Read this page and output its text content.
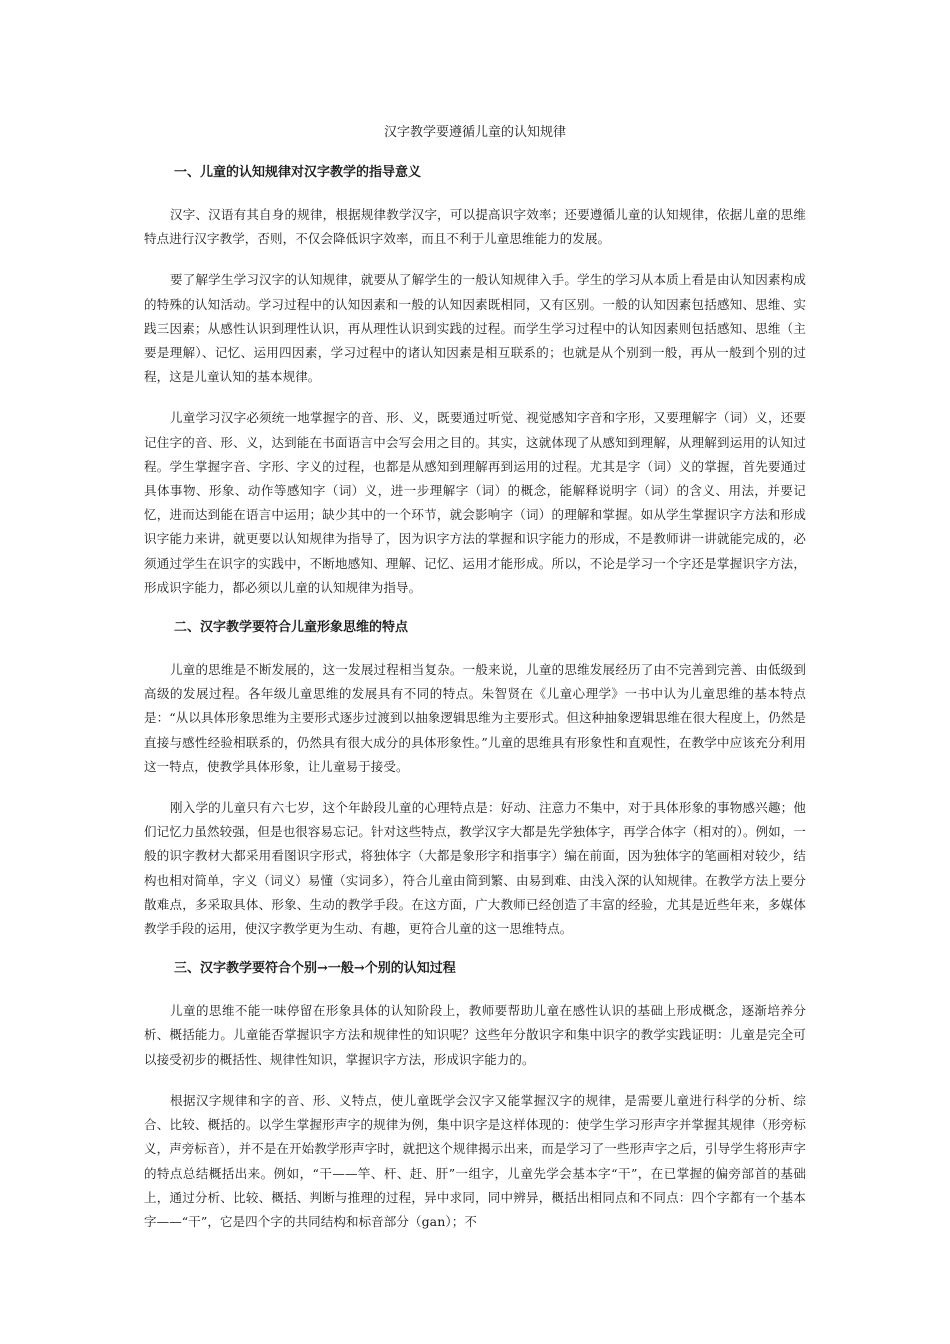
汉字教学要遵循儿童的认知规律
一、儿童的认知规律对汉字教学的指导意义

汉字、汉语有其自身的规律，根据规律教学汉字，可以提高识字效率；还要遵循儿童的认知规律，依据儿童的思维特点进行汉字教学，否则，不仅会降低识字效率，而且不利于儿童思维能力的发展。

要了解学生学习汉字的认知规律，就要从了解学生的一般认知规律入手。学生的学习从本质上看是由认知因素构成的特殊的认知活动。学习过程中的认知因素和一般的认知因素既相同，又有区别。一般的认知因素包括感知、思维、实践三因素；从感性认识到理性认识，再从理性认识到实践的过程。而学生学习过程中的认知因素则包括感知、思维（主要是理解）、记忆、运用四因素，学习过程中的诸认知因素是相互联系的；也就是从个别到一般，再从一般到个别的过程，这是儿童认知的基本规律。

儿童学习汉字必须统一地掌握字的音、形、义，既要通过听觉、视觉感知字音和字形，又要理解字（词）义，还要记住字的音、形、义，达到能在书面语言中会写会用之目的。其实，这就体现了从感知到理解，从理解到运用的认知过程。学生掌握字音、字形、字义的过程，也都是从感知到理解再到运用的过程。尤其是字（词）义的掌握，首先要通过具体事物、形象、动作等感知字（词）义，进一步理解字（词）的概念，能解释说明字（词）的含义、用法，并要记忆，进而达到能在语言中运用；缺少其中的一个环节，就会影响字（词）的理解和掌握。如从学生掌握识字方法和形成识字能力来讲，就更要以认知规律为指导了，因为识字方法的掌握和识字能力的形成，不是教师讲一讲就能完成的，必须通过学生在识字的实践中，不断地感知、理解、记忆、运用才能形成。所以，不论是学习一个字还是掌握识字方法，形成识字能力，都必须以儿童的认知规律为指导。

二、汉字教学要符合儿童形象思维的特点

儿童的思维是不断发展的，这一发展过程相当复杂。一般来说，儿童的思维发展经历了由不完善到完善、由低级到高级的发展过程。各年级儿童思维的发展具有不同的特点。朱智贤在《儿童心理学》一书中认为儿童思维的基本特点是：“从以具体形象思维为主要形式逐步过渡到以抽象逻辑思维为主要形式。但这种抽象逻辑思维在很大程度上，仍然是直接与感性经验相联系的，仍然具有很大成分的具体形象性。”儿童的思维具有形象性和直观性，在教学中应该充分利用这一特点，使教学具体形象，让儿童易于接受。

刚入学的儿童只有六七岁，这个年龄段儿童的心理特点是：好动、注意力不集中，对于具体形象的事物感兴趣；他们记忆力虽然较强，但是也很容易忘记。针对这些特点，教学汉字大都是先学独体字，再学合体字（相对的）。例如，一般的识字教材大都采用看图识字形式，将独体字（大都是象形字和指事字）编在前面，因为独体字的笔画相对较少，结构也相对简单，字义（词义）易懂（实词多），符合儿童由简到繁、由易到难、由浅入深的认知规律。在教学方法上要分散难点，多采取具体、形象、生动的教学手段。在这方面，广大教师已经创造了丰富的经验，尤其是近些年来，多媒体教学手段的运用，使汉字教学更为生动、有趣，更符合儿童的这一思维特点。

三、汉字教学要符合个别→一般→个别的认知过程

儿童的思维不能一味停留在形象具体的认知阶段上，教师要帮助儿童在感性认识的基础上形成概念，逐渐培养分析、概括能力。儿童能否掌握识字方法和规律性的知识呢？这些年分散识字和集中识字的教学实践证明：儿童是完全可以接受初步的概括性、规律性知识，掌握识字方法，形成识字能力的。

根据汉字规律和字的音、形、义特点，使儿童既学会汉字又能掌握汉字的规律，是需要儿童进行科学的分析、综合、比较、概括的。以学生掌握形声字的规律为例，集中识字是这样体现的：使学生学习形声字并掌握其规律（形旁标义，声旁标音），并不是在开始教学形声字时，就把这个规律揭示出来，而是学习了一些形声字之后，引导学生将形声字的特点总结概括出来。例如，“干——竿、杆、赶、肝”一组字，儿童先学会基本字“干”，在已掌握的偏旁部首的基础上，通过分析、比较、概括、判断与推理的过程，异中求同，同中辨异，概括出相同点和不同点：四个字都有一个基本字——“干”，它是四个字的共同结构和标音部分（gan）；不
